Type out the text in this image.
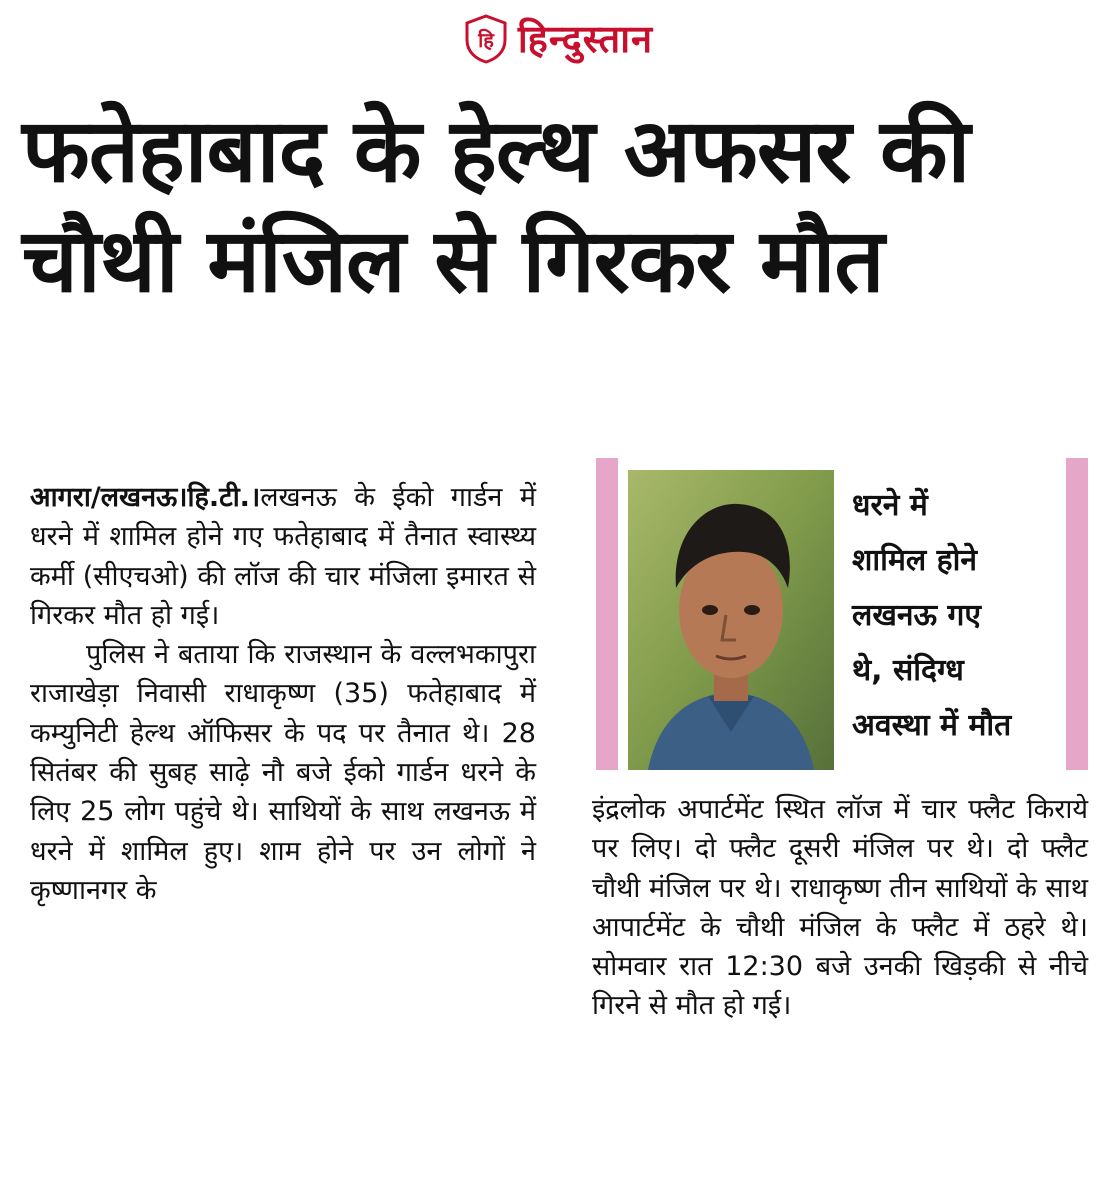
हि हिन्दुस्तान
फतेहाबाद के हेल्थ अफसर की
चौथी मंजिल से गिरकर मौत

आगरा/लखनऊ।हि.टी.।लखनऊ के ईको गार्डन में धरने में शामिल होने गए फतेहाबाद में तैनात स्वास्थ्य कर्मी (सीएचओ) की लॉज की चार मंजिला इमारत से गिरकर मौत हो गई।

पुलिस ने बताया कि राजस्थान के वल्लभकापुरा राजाखेड़ा निवासी राधाकृष्ण (35) फतेहाबाद में कम्युनिटी हेल्थ ऑफिसर के पद पर तैनात थे। 28 सितंबर की सुबह साढ़े नौ बजे ईको गार्डन धरने के लिए 25 लोग पहुंचे थे। साथियों के साथ लखनऊ में धरने में शामिल हुए। शाम होने पर उन लोगों ने कृष्णानगर के

धरने में
शामिल होने
लखनऊ गए
थे, संदिग्ध
अवस्था में मौत

इंद्रलोक अपार्टमेंट स्थित लॉज में चार फ्लैट किराये पर लिए। दो फ्लैट दूसरी मंजिल पर थे। दो फ्लैट चौथी मंजिल पर थे। राधाकृष्ण तीन साथियों के साथ आपार्टमेंट के चौथी मंजिल के फ्लैट में ठहरे थे। सोमवार रात 12:30 बजे उनकी खिड़की से नीचे गिरने से मौत हो गई।
